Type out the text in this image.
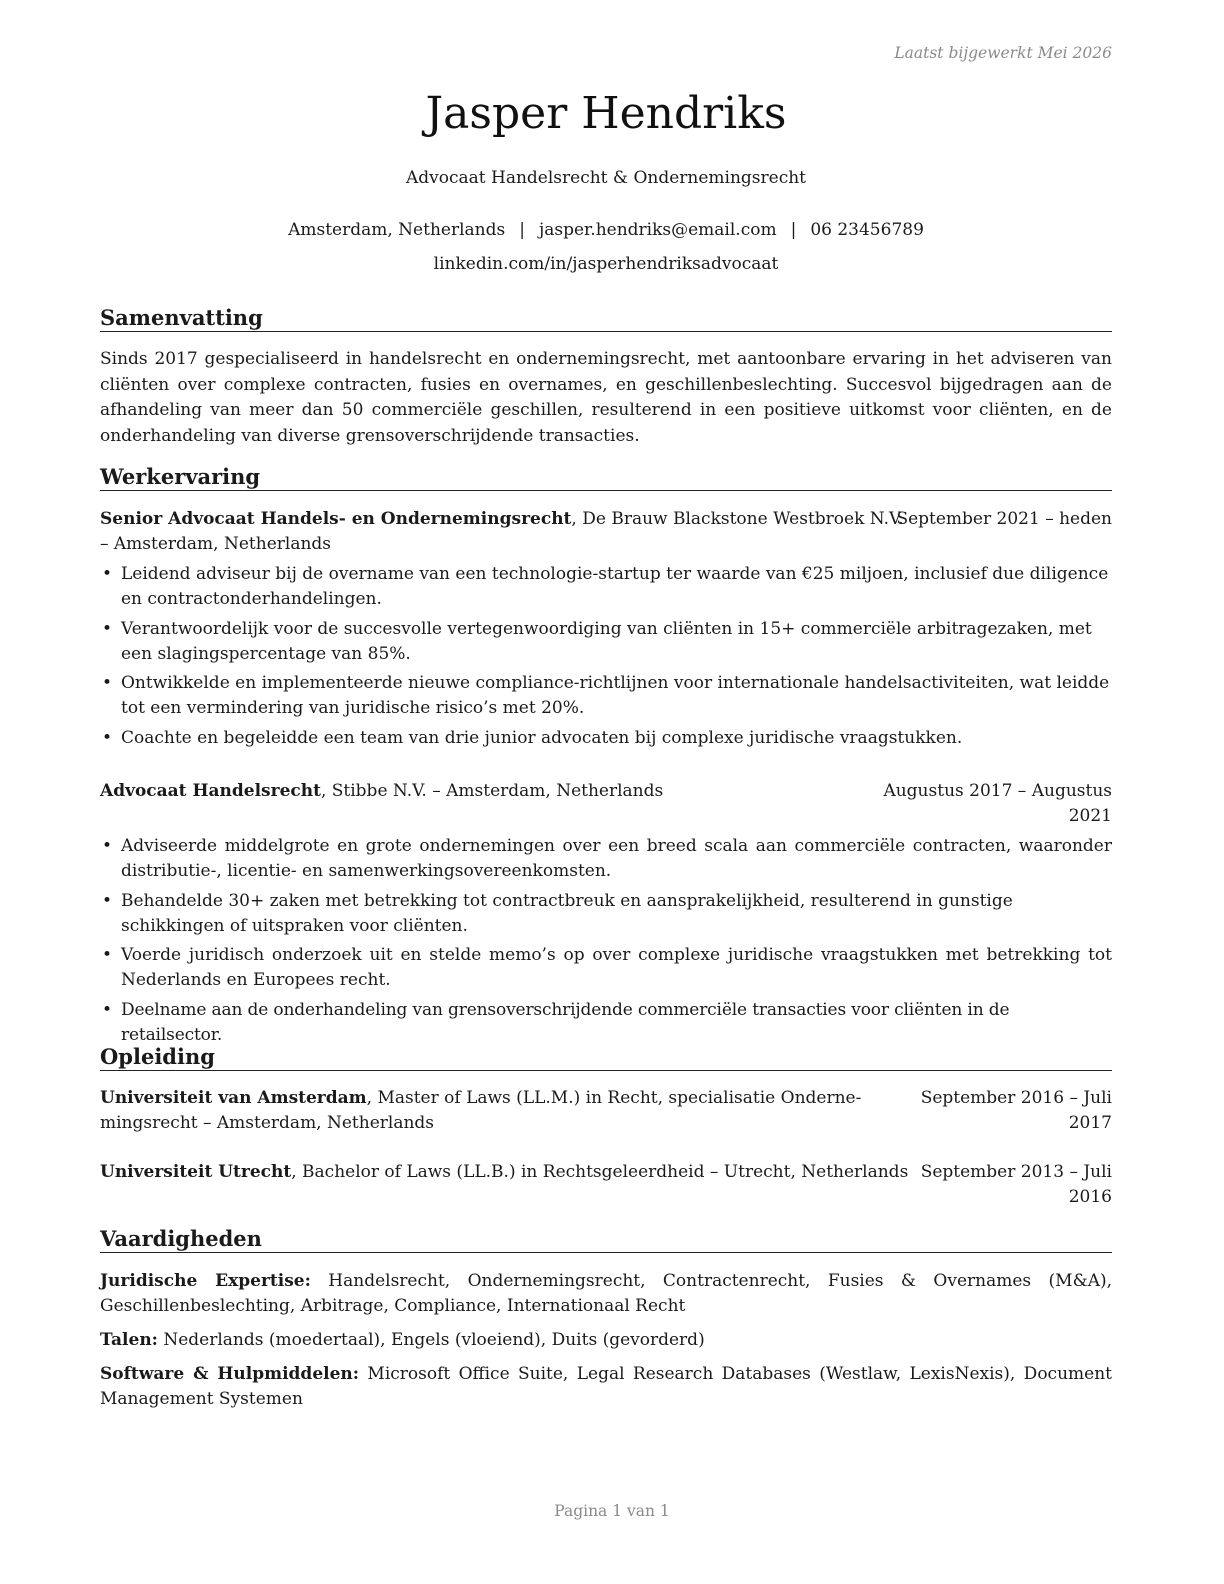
Laatst bijgewerkt Mei 2026
Jasper Hendriks
Advocaat Handelsrecht & Ondernemingsrecht
Amsterdam, Netherlands | jasper.hendriks@email.com | 06 23456789
linkedin.com/in/jasperhendriksadvocaat
Samenvatting
Sinds 2017 gespecialiseerd in handelsrecht en ondernemingsrecht, met aantoonbare ervaring in het adviseren van cliënten over complexe contracten, fusies en overnames, en geschillenbeslechting. Succesvol bijgedragen aan de afhandeling van meer dan 50 commerciële geschillen, resulterend in een positieve uitkomst voor cliënten, en de onderhandeling van diverse grensoverschrijdende transacties.
Werkervaring
Senior Advocaat Handels- en Ondernemingsrecht, De Brauw Blackstone Westbroek N.V.
September 2021 – heden
– Amsterdam, Netherlands
• Leidend adviseur bij de overname van een technologie-startup ter waarde van €25 miljoen, inclusief due diligence en contractonderhandelingen.
• Verantwoordelijk voor de succesvolle vertegenwoordiging van cliënten in 15+ commerciële arbitragezaken, met een slagingspercentage van 85%.
• Ontwikkelde en implementeerde nieuwe compliance-richtlijnen voor internationale handelsactiviteiten, wat leidde tot een vermindering van juridische risico’s met 20%.
• Coachte en begeleidde een team van drie junior advocaten bij complexe juridische vraagstukken.
Advocaat Handelsrecht, Stibbe N.V. – Amsterdam, Netherlands	Augustus 2017 – Augustus
2021
• Adviseerde middelgrote en grote ondernemingen over een breed scala aan commerciële contracten, waaronder distributie-, licentie- en samenwerkingsovereenkomsten.
• Behandelde 30+ zaken met betrekking tot contractbreuk en aansprakelijkheid, resulterend in gunstige schikkingen of uitspraken voor cliënten.
• Voerde juridisch onderzoek uit en stelde memo’s op over complexe juridische vraagstukken met betrekking tot Nederlands en Europees recht.
• Deelname aan de onderhandeling van grensoverschrijdende commerciële transacties voor cliënten in de retailsector.
Opleiding
Universiteit van Amsterdam, Master of Laws (LL.M.) in Recht, specialisatie Onderne-
mingsrecht – Amsterdam, Netherlands
September 2016 – Juli
2017
Universiteit Utrecht, Bachelor of Laws (LL.B.) in Rechtsgeleerdheid – Utrecht, Netherlands September 2013 – Juli
2016
Vaardigheden
Juridische Expertise: Handelsrecht, Ondernemingsrecht, Contractenrecht, Fusies & Overnames (M&A), Geschillenbeslechting, Arbitrage, Compliance, Internationaal Recht
Talen: Nederlands (moedertaal), Engels (vloeiend), Duits (gevorderd)
Software & Hulpmiddelen: Microsoft Office Suite, Legal Research Databases (Westlaw, LexisNexis), Document Management Systemen
Pagina 1 van 1
